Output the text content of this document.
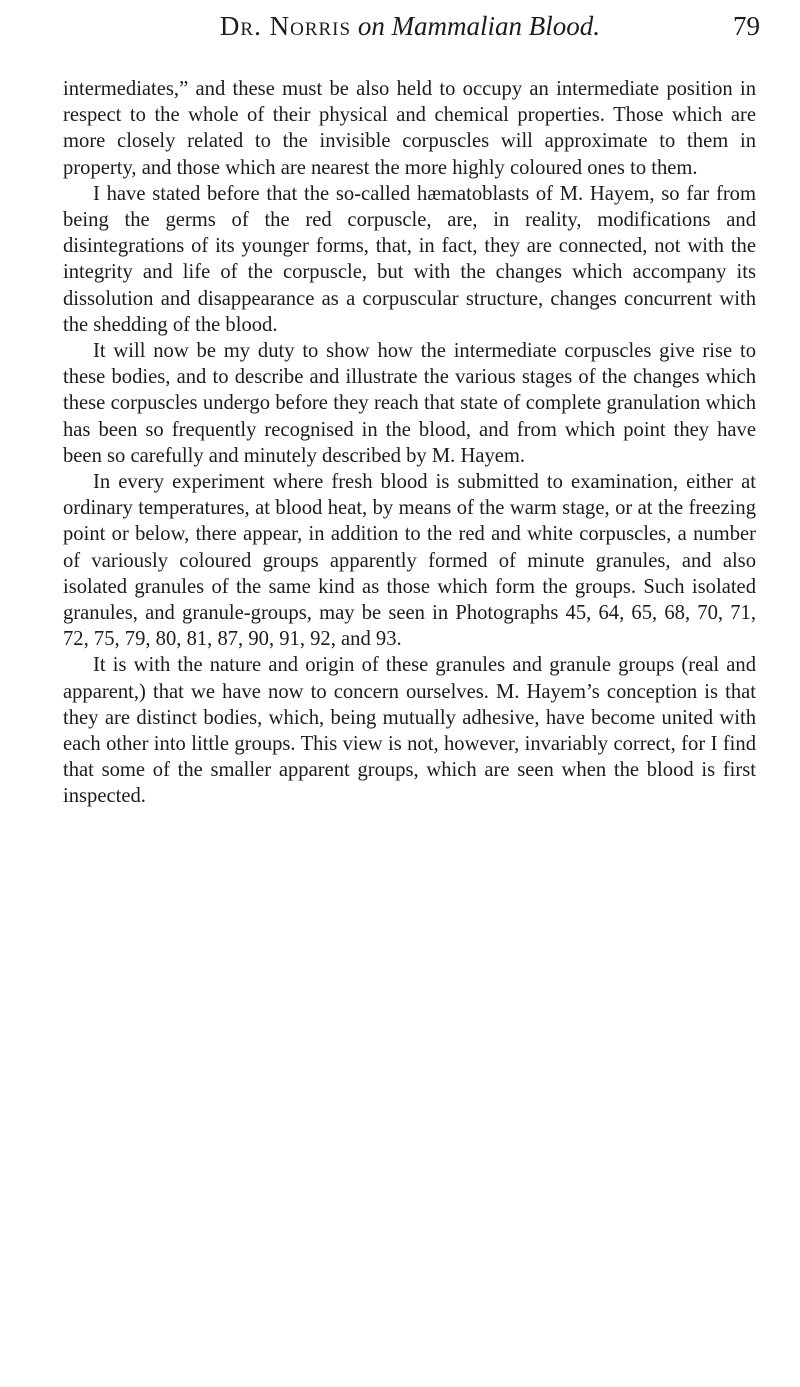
Dr. Norris on Mammalian Blood.	79

intermediates,” and these must be also held to occupy an intermediate position in respect to the whole of their physical and chemical properties. Those which are more closely related to the invisible corpuscles will approximate to them in property, and those which are nearest the more highly coloured ones to them.

I have stated before that the so-called hæmatoblasts of M. Hayem, so far from being the germs of the red corpuscle, are, in reality, modifications and disintegrations of its younger forms, that, in fact, they are connected, not with the integrity and life of the corpuscle, but with the changes which accompany its dissolution and disappearance as a corpuscular structure, changes concurrent with the shedding of the blood.

It will now be my duty to show how the intermediate corpuscles give rise to these bodies, and to describe and illustrate the various stages of the changes which these corpuscles undergo before they reach that state of complete granulation which has been so frequently recognised in the blood, and from which point they have been so carefully and minutely described by M. Hayem.

In every experiment where fresh blood is submitted to examination, either at ordinary temperatures, at blood heat, by means of the warm stage, or at the freezing point or below, there appear, in addition to the red and white corpuscles, a number of variously coloured groups apparently formed of minute granules, and also isolated granules of the same kind as those which form the groups. Such isolated granules, and granule-groups, may be seen in Photographs 45, 64, 65, 68, 70, 71, 72, 75, 79, 80, 81, 87, 90, 91, 92, and 93.

It is with the nature and origin of these granules and granule groups (real and apparent,) that we have now to concern ourselves. M. Hayem’s conception is that they are distinct bodies, which, being mutually adhesive, have become united with each other into little groups. This view is not, however, invariably correct, for I find that some of the smaller apparent groups, which are seen when the blood is first inspected.
